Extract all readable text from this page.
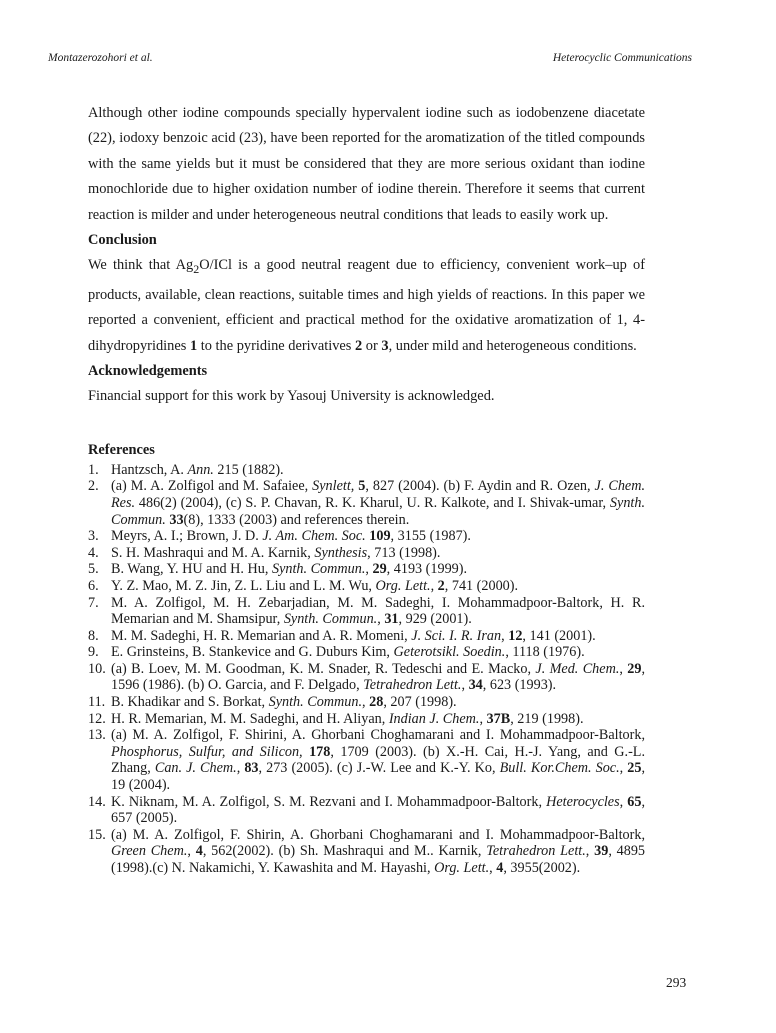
Montazerozohori et al.	Heterocyclic Communications

Although other iodine compounds specially hypervalent iodine such as iodobenzene diacetate (22), iodoxy benzoic acid (23), have been reported for the aromatization of the titled compounds with the same yields but it must be considered that they are more serious oxidant than iodine monochloride due to higher oxidation number of iodine therein. Therefore it seems that current reaction is milder and under heterogeneous neutral conditions that leads to easily work up.

Conclusion

We think that $Ag_2O$/ICl is a good neutral reagent due to efficiency, convenient work–up of products, available, clean reactions, suitable times and high yields of reactions. In this paper we reported a convenient, efficient and practical method for the oxidative aromatization of 1, 4- dihydropyridines 1 to the pyridine derivatives 2 or 3, under mild and heterogeneous conditions.

Acknowledgements

Financial support for this work by Yasouj University is acknowledged.

References

1. Hantzsch, A. Ann. 215 (1882).
2. (a) M. A. Zolfigol and M. Safaiee, Synlett, 5, 827 (2004). (b) F. Aydin and R. Ozen, J. Chem. Res. 486(2) (2004), (c) S. P. Chavan, R. K. Kharul, U. R. Kalkote, and I. Shivak-umar, Synth. Commun. 33(8), 1333 (2003) and references therein.
3. Meyrs, A. I.; Brown, J. D. J. Am. Chem. Soc. 109, 3155 (1987).
4. S. H. Mashraqui and M. A. Karnik, Synthesis, 713 (1998).
5. B. Wang, Y. HU and H. Hu, Synth. Commun., 29, 4193 (1999).
6. Y. Z. Mao, M. Z. Jin, Z. L. Liu and L. M. Wu, Org. Lett., 2, 741 (2000).
7. M. A. Zolfigol, M. H. Zebarjadian, M. M. Sadeghi, I. Mohammadpoor-Baltork, H. R. Memarian and M. Shamsipur, Synth. Commun., 31, 929 (2001).
8. M. M. Sadeghi, H. R. Memarian and A. R. Momeni, J. Sci. I. R. Iran, 12, 141 (2001).
9. E. Grinsteins, B. Stankevice and G. Duburs Kim, Geterotsikl. Soedin., 1118 (1976).
10. (a) B. Loev, M. M. Goodman, K. M. Snader, R. Tedeschi and E. Macko, J. Med. Chem., 29, 1596 (1986). (b) O. Garcia, and F. Delgado, Tetrahedron Lett., 34, 623 (1993).
11. B. Khadikar and S. Borkat, Synth. Commun., 28, 207 (1998).
12. H. R. Memarian, M. M. Sadeghi, and H. Aliyan, Indian J. Chem., 37B, 219 (1998).
13. (a) M. A. Zolfigol, F. Shirini, A. Ghorbani Choghamarani and I. Mohammadpoor-Baltork, Phosphorus, Sulfur, and Silicon, 178, 1709 (2003). (b) X.-H. Cai, H.-J. Yang, and G.-L. Zhang, Can. J. Chem., 83, 273 (2005). (c) J.-W. Lee and K.-Y. Ko, Bull. Kor.Chem. Soc., 25, 19 (2004).
14. K. Niknam, M. A. Zolfigol, S. M. Rezvani and I. Mohammadpoor-Baltork, Heterocycles, 65, 657 (2005).
15. (a) M. A. Zolfigol, F. Shirin, A. Ghorbani Choghamarani and I. Mohammadpoor-Baltork, Green Chem., 4, 562(2002). (b) Sh. Mashraqui and M.. Karnik, Tetrahedron Lett., 39, 4895 (1998).(c) N. Nakamichi, Y. Kawashita and M. Hayashi, Org. Lett., 4, 3955(2002).
293
